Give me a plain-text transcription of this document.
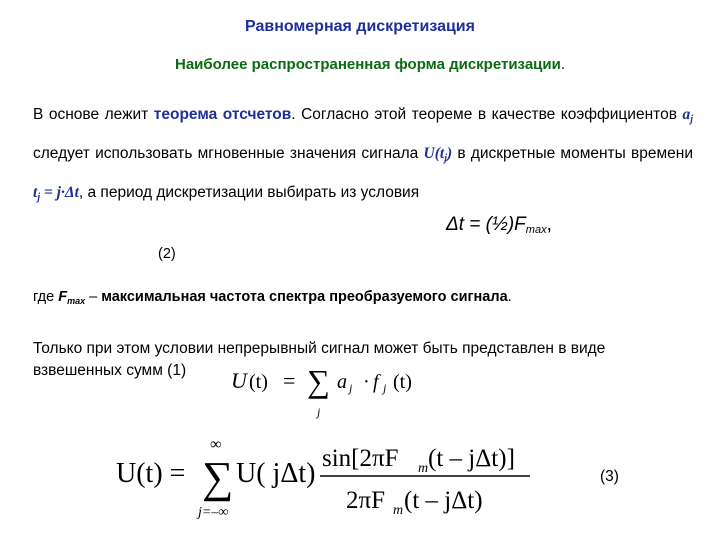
Равномерная дискретизация
Наиболее распространенная форма дискретизации.
В основе лежит теорема отсчетов. Согласно этой теореме в качестве коэффициентов $a_j$ следует использовать мгновенные значения сигнала $U(t_j)$ в дискретные моменты времени $t_j = j\cdot\Delta t$, а период дискретизации выбирать из условия
Δt = (½)Fmax,
(2)
где $F_{max}$ – максимальная частота спектра преобразуемого сигнала.
Только при этом условии непрерывный сигнал может быть представлен в виде взвешенных сумм (1)	U (t) = ∑
j
a j · f j (t)
U(t) =
∞
∑
j=–∞
U( jΔt) sin[2πF m (t – jΔt)]
2πF m (t – jΔt)
(3)
